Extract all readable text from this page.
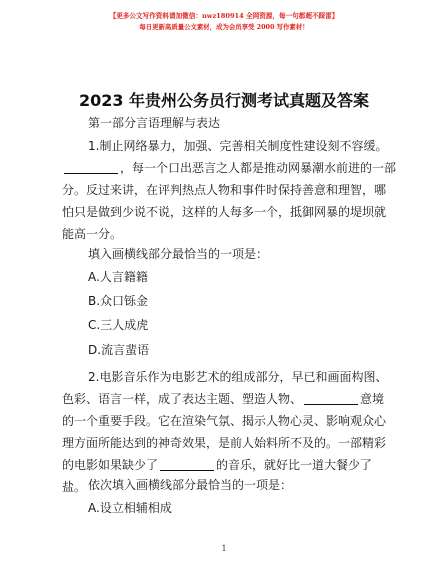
【更多公文写作资料请加微信：nwz180914 全网资源，每一句都超不踩雷】
每日更新高质量公文素材，成为会员享受 2000 写作素材！
2023 年贵州公务员行测考试真题及答案
第一部分言语理解与表达
1.制止网络暴力，加强、完善相关制度性建设刻不容缓。，每一个口出恶言之人都是推动网暴潮水前进的一部分。反过来讲，在评判热点人物和事件时保持善意和理智，哪怕只是做到少说不说，这样的人每多一个，抵御网暴的堤坝就能高一分。
填入画横线部分最恰当的一项是：
A.人言籍籍
B.众口铄金
C.三人成虎
D.流言蜚语
2.电影音乐作为电影艺术的组成部分，早已和画面构图、色彩、语言一样，成了表达主题、塑造人物、	意境的一个重要手段。它在渲染气氛、揭示人物心灵、影响观众心理方面所能达到的神奇效果，是前人始料所不及的。一部精彩的电影如果缺少了	的音乐，就好比一道大餐少了盐。 依次填入画横线部分最恰当的一项是：
A.设立相辅相成
1
